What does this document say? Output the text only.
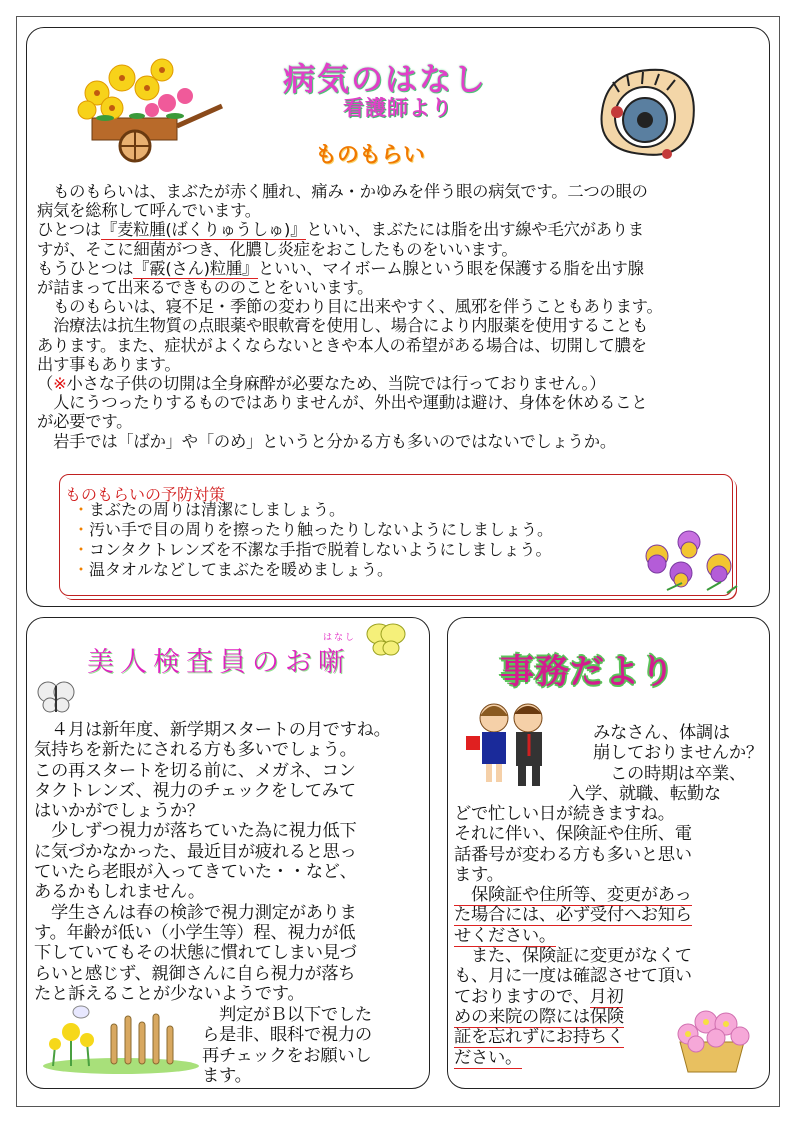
病気のはなし
看護師より
ものもらい

　ものもらいは、まぶたが赤く腫れ、痛み・かゆみを伴う眼の病気です。二つの眼の

病気を総称して呼んでいます。

ひとつは『麦粒腫(ばくりゅうしゅ)』といい、まぶたには脂を出す線や毛穴がありま

すが、そこに細菌がつき、化膿し炎症をおこしたものをいいます。

もうひとつは『霰(さん)粒腫』といい、マイボーム腺という眼を保護する脂を出す腺

が詰まって出来るできもののことをいいます。

　ものもらいは、寝不足・季節の変わり目に出来やすく、風邪を伴うこともあります。

　治療法は抗生物質の点眼薬や眼軟膏を使用し、場合により内服薬を使用することも

あります。また、症状がよくならないときや本人の希望がある場合は、切開して膿を

出す事もあります。

（※小さな子供の切開は全身麻酔が必要なため、当院では行っておりません。）

　人にうつったりするものではありませんが、外出や運動は避け、身体を休めること

が必要です。

　岩手では「ばか」や「のめ」というと分かる方も多いのではないでしょうか。

ものもらいの予防対策
・ まぶたの周りは清潔にしましょう。
・ 汚い手で目の周りを擦ったり触ったりしないようにしましょう。
・ コンタクトレンズを不潔な手指で脱着しないようにしましょう。
・ 温タオルなどしてまぶたを暖めましょう。
美人検査員のお噺
はなし

　４月は新年度、新学期スタートの月ですね。

気持ちを新たにされる方も多いでしょう。

この再スタートを切る前に、メガネ、コン

タクトレンズ、視力のチェックをしてみて

はいかがでしょうか？

　少しずつ視力が落ちていた為に視力低下

に気づかなかった、最近目が疲れると思っ

ていたら老眼が入ってきていた・・など、

あるかもしれません。

　学生さんは春の検診で視力測定がありま

す。年齢が低い（小学生等）程、視力が低

下していてもその状態に慣れてしまい見づ

らいと感じず、親御さんに自ら視力が落ち

たと訴えることが少ないようです。

　判定がＢ以下でした

ら是非、眼科で視力の

再チェックをお願いし

ます。

事務だより

みなさん、体調は

崩しておりませんか？

　この時期は卒業、

入学、就職、転勤な

どで忙しい日が続きますね。

それに伴い、保険証や住所、電

話番号が変わる方も多いと思い

ます。

　保険証や住所等、変更があっ

た場合には、必ず受付へお知ら

せください。

　また、保険証に変更がなくて

も、月に一度は確認させて頂い

ておりますので、月初

めの来院の際には保険

証を忘れずにお持ちく

ださい。
